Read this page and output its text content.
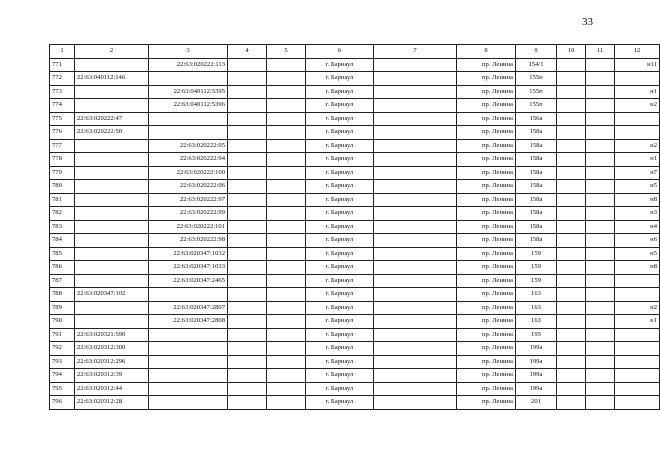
33
1	2	3	4	5	6	7	8	9	10	11	12
771		22:63:020222:113			г. Барнаул		пр. Ленина	154/1			н11
772	22:63:040112:146				г. Барнаул		пр. Ленина	155п			
773		22:63:040112:5395			г. Барнаул		пр. Ленина	155п			н1
774		22:63:040112:5396			г. Барнаул		пр. Ленина	155п			н2
775	22:63:020222:47				г. Барнаул		пр. Ленина	156а			
776	22:63:020222:50				г. Барнаул		пр. Ленина	158а			
777		22:63:020222:95			г. Барнаул		пр. Ленина	158а			н2
778		22:63:020222:94			г. Барнаул		пр. Ленина	158а			н1
779		22:63:020222:100			г. Барнаул		пр. Ленина	158а			н7
780		22:63:020222:96			г. Барнаул		пр. Ленина	158а			н5
781		22:63:020222:97			г. Барнаул		пр. Ленина	158а			н8
782		22:63:020222:99			г. Барнаул		пр. Ленина	158а			н3
783		22:63:020222:101			г. Барнаул		пр. Ленина	158а			н4
784		22:63:020222:98			г. Барнаул		пр. Ленина	158а			н6
785		22:63:020347:1032			г. Барнаул		пр. Ленина	159			н5
786		22:63:020347:1033			г. Барнаул		пр. Ленина	159			н8
787		22:63:020347:2465			г. Барнаул		пр. Ленина	159			
788	22:63:020347:102				г. Барнаул		пр. Ленина	163			
789		22:63:020347:2807			г. Барнаул		пр. Ленина	163			н2
790		22:63:020347:2808			г. Барнаул		пр. Ленина	163			н1
791	22:63:020321:590				г. Барнаул		пр. Ленина	195			
792	22:63:020312:300				г. Барнаул		пр. Ленина	199а			
793	22:63:020312:296				г. Барнаул		пр. Ленина	199а			
794	22:63:020312:39				г. Барнаул		пр. Ленина	199а			
795	22:63:020312:44				г. Барнаул		пр. Ленина	199а			
796	22:63:020312:28				г. Барнаул		пр. Ленина	201			
